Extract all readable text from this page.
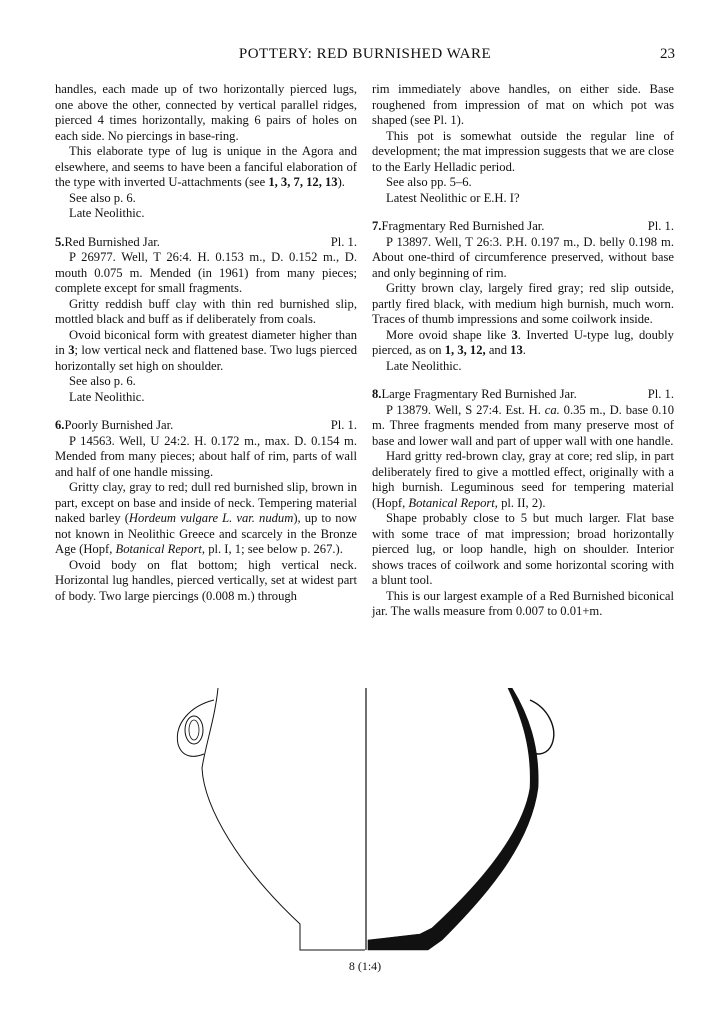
POTTERY: RED BURNISHED WARE	23

handles, each made up of two horizontally pierced lugs, one above the other, connected by vertical parallel ridges, pierced 4 times horizontally, making 6 pairs of holes on each side. No piercings in base-ring.

This elaborate type of lug is unique in the Agora and elsewhere, and seems to have been a fanciful elaboration of the type with inverted U-attachments (see 1, 3, 7, 12, 13).

See also p. 6.

Late Neolithic.

5.Red Burnished Jar.	Pl. 1.

P 26977. Well, T 26:4. H. 0.153 m., D. 0.152 m., D. mouth 0.075 m. Mended (in 1961) from many pieces; complete except for small fragments.

Gritty reddish buff clay with thin red burnished slip, mottled black and buff as if deliberately from coals.

Ovoid biconical form with greatest diameter higher than in 3; low vertical neck and flattened base. Two lugs pierced horizontally set high on shoulder.

See also p. 6.

Late Neolithic.

6.Poorly Burnished Jar.	Pl. 1.

P 14563. Well, U 24:2. H. 0.172 m., max. D. 0.154 m. Mended from many pieces; about half of rim, parts of wall and half of one handle missing.

Gritty clay, gray to red; dull red burnished slip, brown in part, except on base and inside of neck. Tempering material naked barley (Hordeum vulgare L. var. nudum), up to now not known in Neolithic Greece and scarcely in the Bronze Age (Hopf, Botanical Report, pl. I, 1; see below p. 267.).

Ovoid body on flat bottom; high vertical neck. Horizontal lug handles, pierced vertically, set at widest part of body. Two large piercings (0.008 m.) through

rim immediately above handles, on either side. Base roughened from impression of mat on which pot was shaped (see Pl. 1).

This pot is somewhat outside the regular line of development; the mat impression suggests that we are close to the Early Helladic period.

See also pp. 5–6.

Latest Neolithic or E.H. I?

7.Fragmentary Red Burnished Jar.	Pl. 1.

P 13897. Well, T 26:3. P.H. 0.197 m., D. belly 0.198 m. About one-third of circumference preserved, without base and only beginning of rim.

Gritty brown clay, largely fired gray; red slip outside, partly fired black, with medium high burnish, much worn. Traces of thumb impressions and some coilwork inside.

More ovoid shape like 3. Inverted U-type lug, doubly pierced, as on 1, 3, 12, and 13.

Late Neolithic.

8.Large Fragmentary Red Burnished Jar.	Pl. 1.

P 13879. Well, S 27:4. Est. H. ca. 0.35 m., D. base 0.10 m. Three fragments mended from many preserve most of base and lower wall and part of upper wall with one handle.

Hard gritty red-brown clay, gray at core; red slip, in part deliberately fired to give a mottled effect, originally with a high burnish. Leguminous seed for tempering material (Hopf, Botanical Report, pl. II, 2).

Shape probably close to 5 but much larger. Flat base with some trace of mat impression; broad horizontally pierced lug, or loop handle, high on shoulder. Interior shows traces of coilwork and some horizontal scoring with a blunt tool.

This is our largest example of a Red Burnished biconical jar. The walls measure from 0.007 to 0.01+m.

8 (1:4)
